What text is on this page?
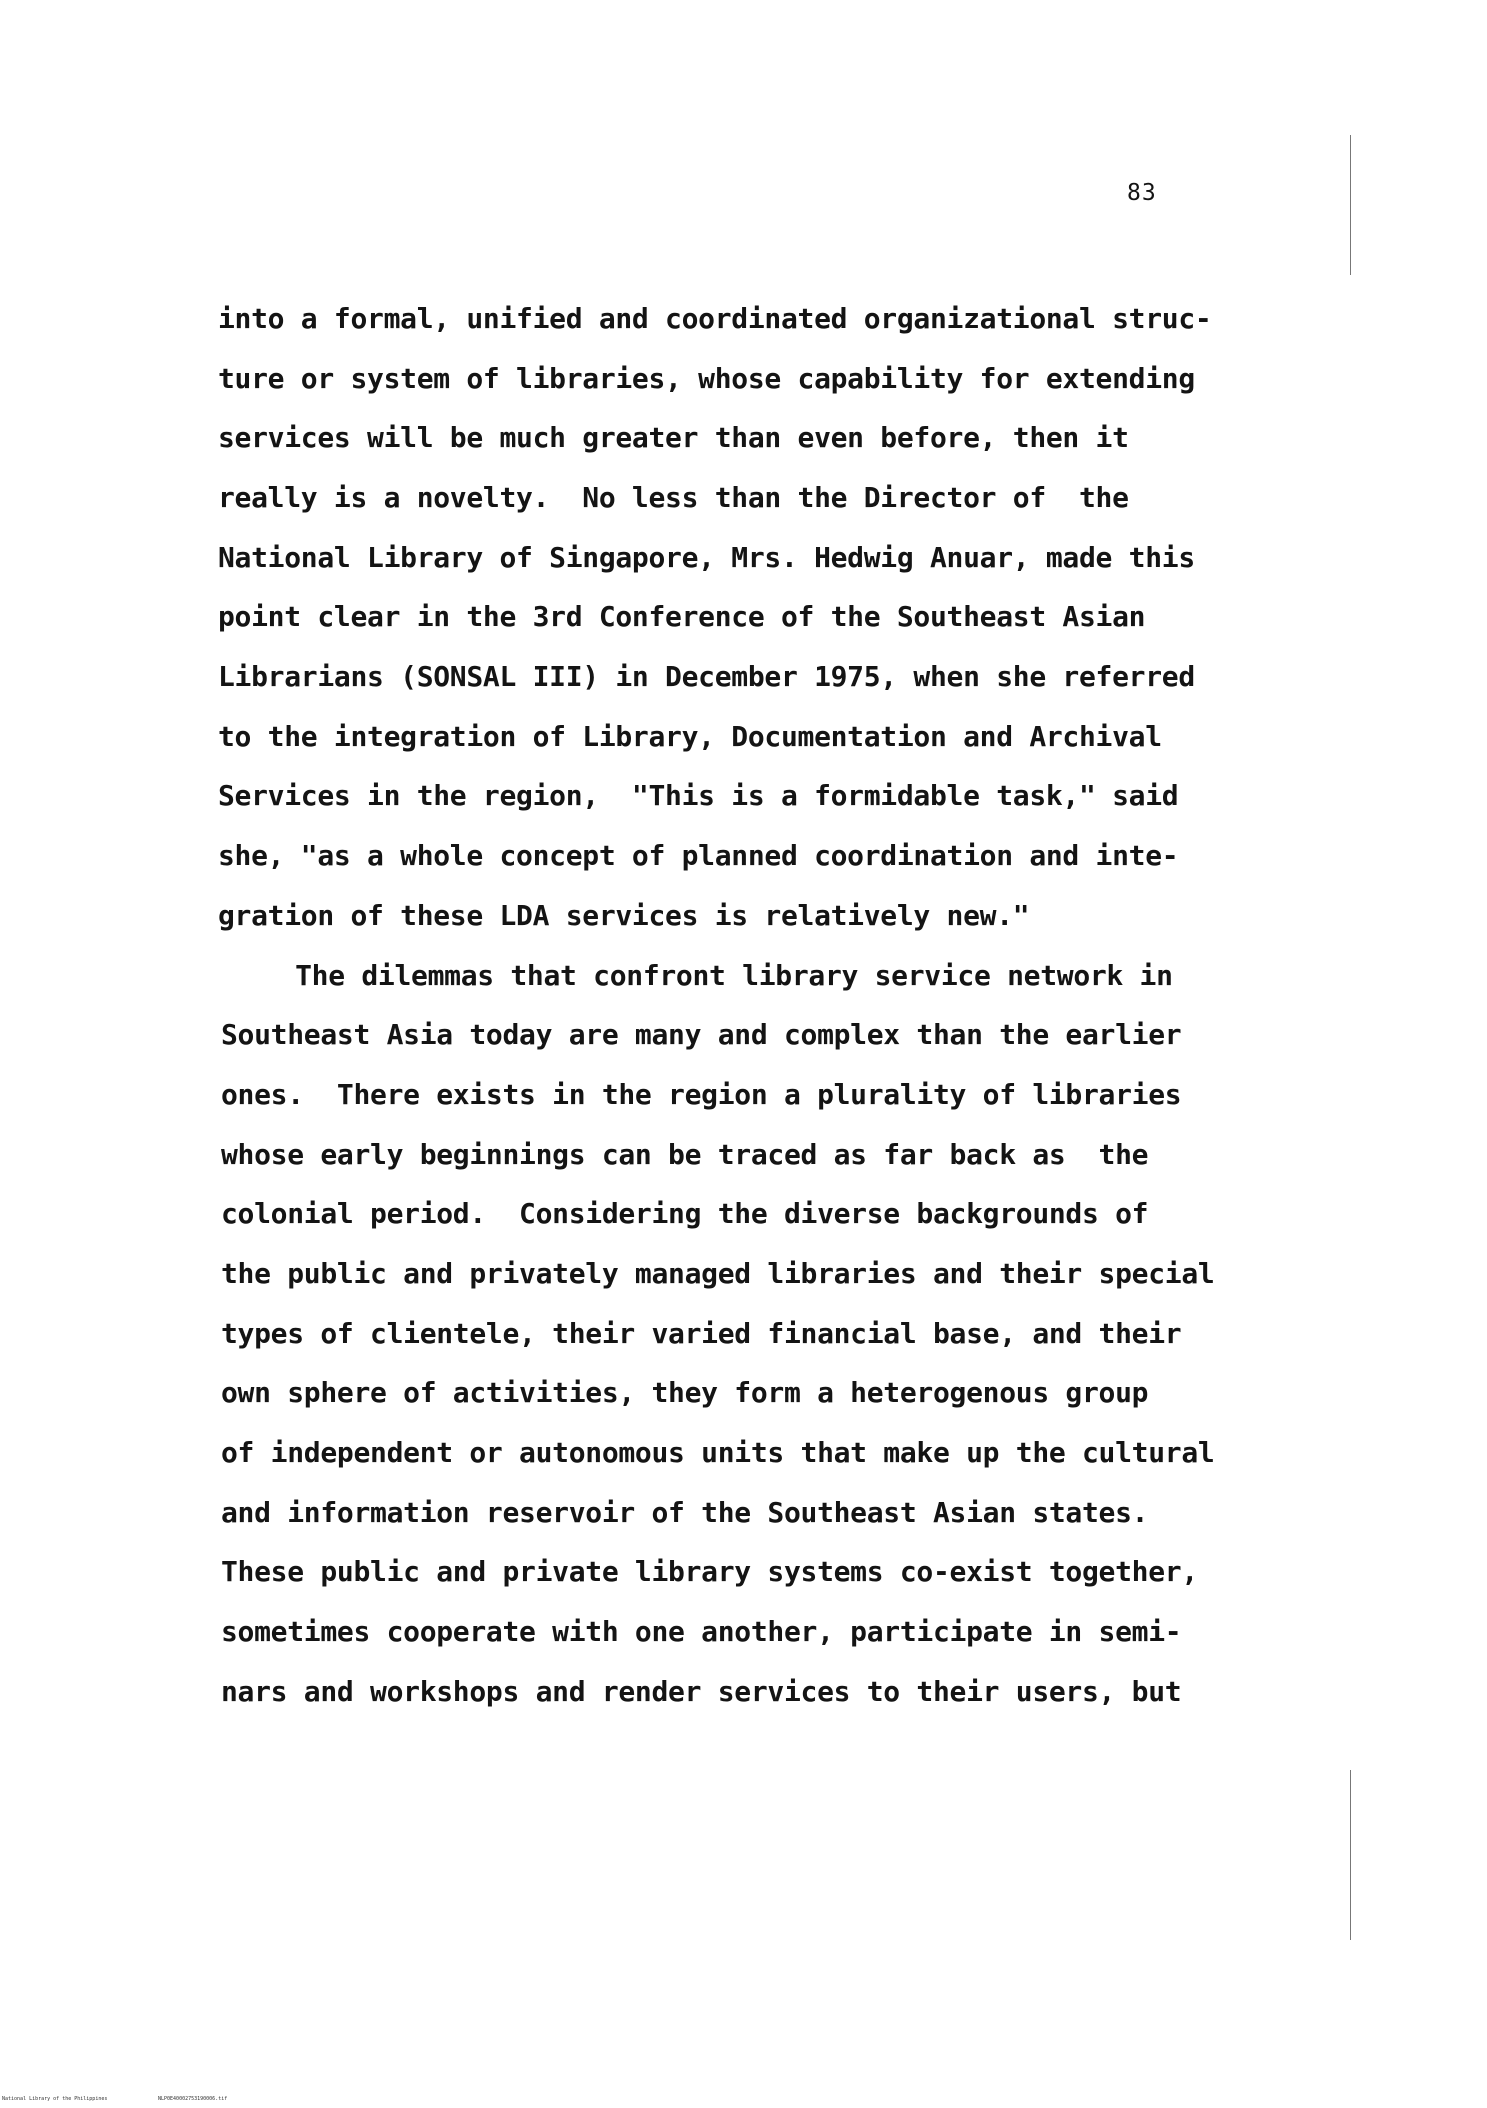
83
into a formal, unified and coordinated organizational struc-
ture or system of libraries, whose capability for extending
services will be much greater than even before, then it
really is a novelty.  No less than the Director of  the
National Library of Singapore, Mrs. Hedwig Anuar, made this
point clear in the 3rd Conference of the Southeast Asian
Librarians (SONSAL III) in December 1975, when she referred
to the integration of Library, Documentation and Archival
Services in the region,  "This is a formidable task," said
she, "as a whole concept of planned coordination and inte-
gration of these LDA services is relatively new."
The dilemmas that confront library service network in
Southeast Asia today are many and complex than the earlier
ones.  There exists in the region a plurality of libraries
whose early beginnings can be traced as far back as  the
colonial period.  Considering the diverse backgrounds of
the public and privately managed libraries and their special
types of clientele, their varied financial base, and their
own sphere of activities, they form a heterogenous group
of independent or autonomous units that make up the cultural
and information reservoir of the Southeast Asian states.
These public and private library systems co-exist together,
sometimes cooperate with one another, participate in semi-
nars and workshops and render services to their users, but
National Library of the Philippines	NLP0E40002753190006.tif
